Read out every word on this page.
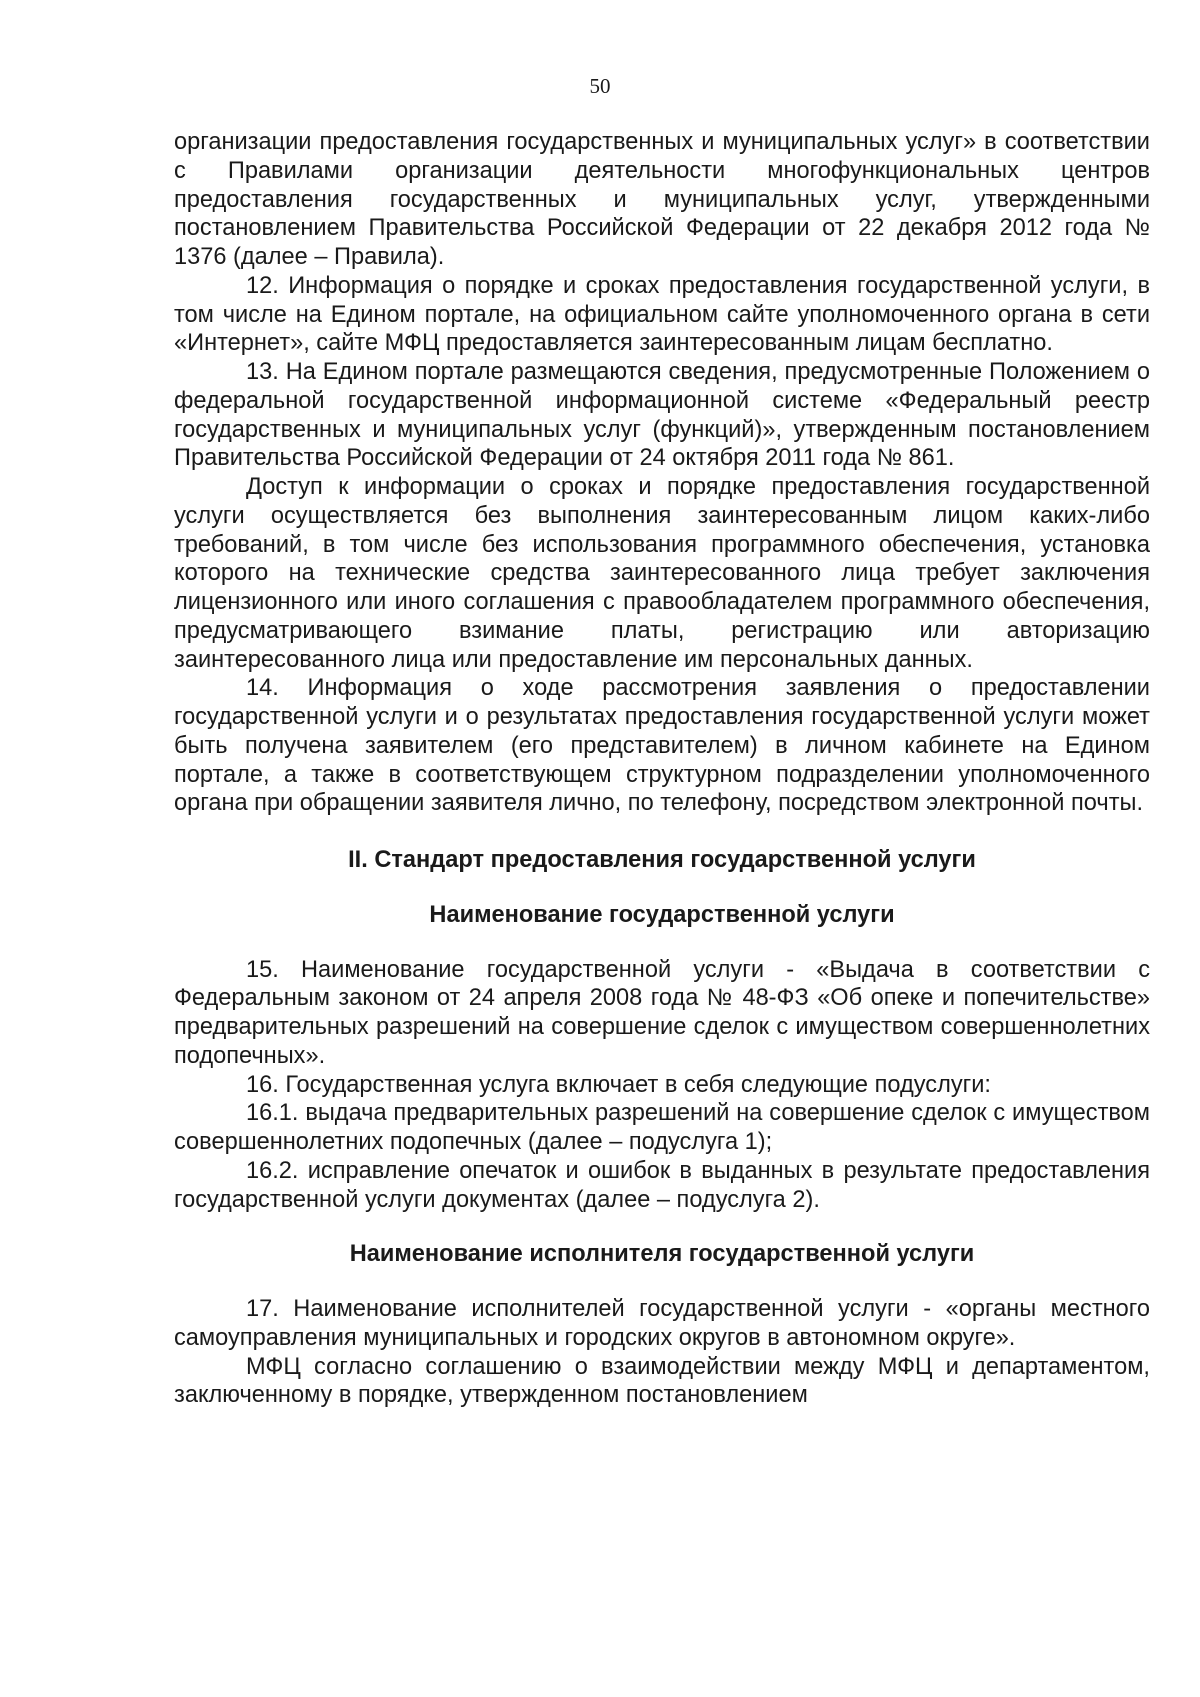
50

организации предоставления государственных и муниципальных услуг» в соответствии с Правилами организации деятельности многофункциональных центров предоставления государственных и муниципальных услуг, утвержденными постановлением Правительства Российской Федерации от 22 декабря 2012 года № 1376 (далее – Правила).

12. Информация о порядке и сроках предоставления государственной услуги, в том числе на Едином портале, на официальном сайте уполномоченного органа в сети «Интернет», сайте МФЦ предоставляется заинтересованным лицам бесплатно.

13. На Едином портале размещаются сведения, предусмотренные Положением о федеральной государственной информационной системе «Федеральный реестр государственных и муниципальных услуг (функций)», утвержденным постановлением Правительства Российской Федерации от 24 октября 2011 года № 861.

Доступ к информации о сроках и порядке предоставления государственной услуги осуществляется без выполнения заинтересованным лицом каких-либо требований, в том числе без использования программного обеспечения, установка которого на технические средства заинтересованного лица требует заключения лицензионного или иного соглашения с правообладателем программного обеспечения, предусматривающего взимание платы, регистрацию или авторизацию заинтересованного лица или предоставление им персональных данных.

14. Информация о ходе рассмотрения заявления о предоставлении государственной услуги и о результатах предоставления государственной услуги может быть получена заявителем (его представителем) в личном кабинете на Едином портале, а также в соответствующем структурном подразделении уполномоченного органа при обращении заявителя лично, по телефону, посредством электронной почты.

II. Стандарт предоставления государственной услуги
Наименование государственной услуги

15. Наименование государственной услуги - «Выдача в соответствии с Федеральным законом от 24 апреля 2008 года № 48-ФЗ «Об опеке и попечительстве» предварительных разрешений на совершение сделок с имуществом совершеннолетних подопечных».

16. Государственная услуга включает в себя следующие подуслуги:

16.1. выдача предварительных разрешений на совершение сделок с имуществом совершеннолетних подопечных (далее – подуслуга 1);

16.2. исправление опечаток и ошибок в выданных в результате предоставления государственной услуги документах (далее – подуслуга 2).

Наименование исполнителя государственной услуги

17. Наименование исполнителей государственной услуги - «органы местного самоуправления муниципальных и городских округов в автономном округе».

МФЦ согласно соглашению о взаимодействии между МФЦ и департаментом, заключенному в порядке, утвержденном постановлением
